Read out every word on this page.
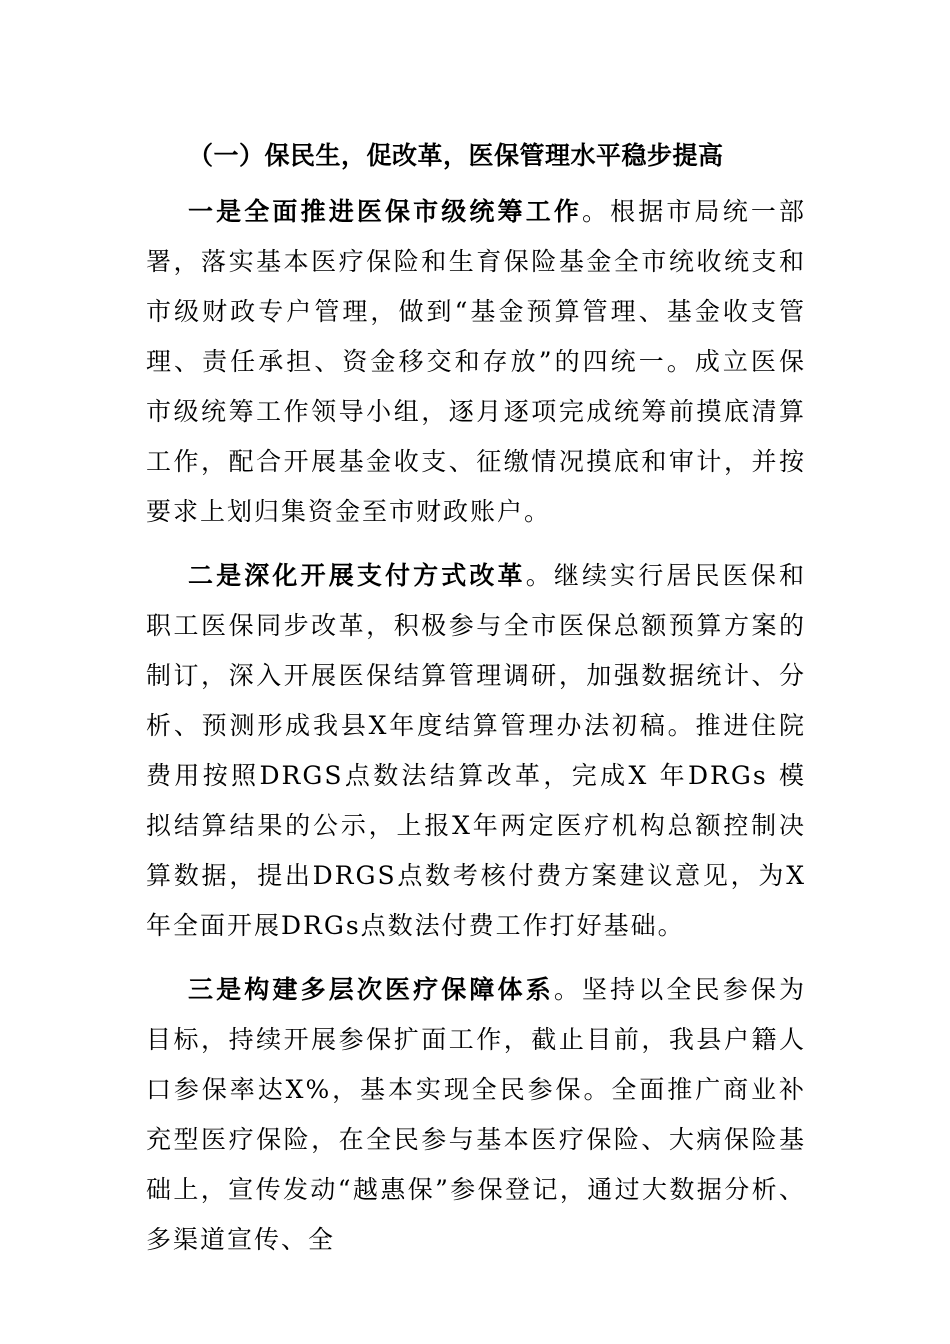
（一）保民生，促改革，医保管理水平稳步提高

一是全面推进医保市级统筹工作。根据市局统一部署，落实基本医疗保险和生育保险基金全市统收统支和市级财政专户管理，做到“基金预算管理、基金收支管理、责任承担、资金移交和存放”的四统一。成立医保市级统筹工作领导小组，逐月逐项完成统筹前摸底清算工作，配合开展基金收支、征缴情况摸底和审计，并按要求上划归集资金至市财政账户。

二是深化开展支付方式改革。继续实行居民医保和职工医保同步改革，积极参与全市医保总额预算方案的制订，深入开展医保结算管理调研，加强数据统计、分析、预测形成我县X年度结算管理办法初稿。推进住院费用按照DRGS点数法结算改革，完成X 年DRGs 模拟结算结果的公示，上报X年两定医疗机构总额控制决算数据，提出DRGS点数考核付费方案建议意见，为X年全面开展DRGs点数法付费工作打好基础。

三是构建多层次医疗保障体系。坚持以全民参保为目标，持续开展参保扩面工作，截止目前，我县户籍人口参保率达X%，基本实现全民参保。全面推广商业补充型医疗保险，在全民参与基本医疗保险、大病保险基础上，宣传发动“越惠保”参保登记，通过大数据分析、多渠道宣传、全
